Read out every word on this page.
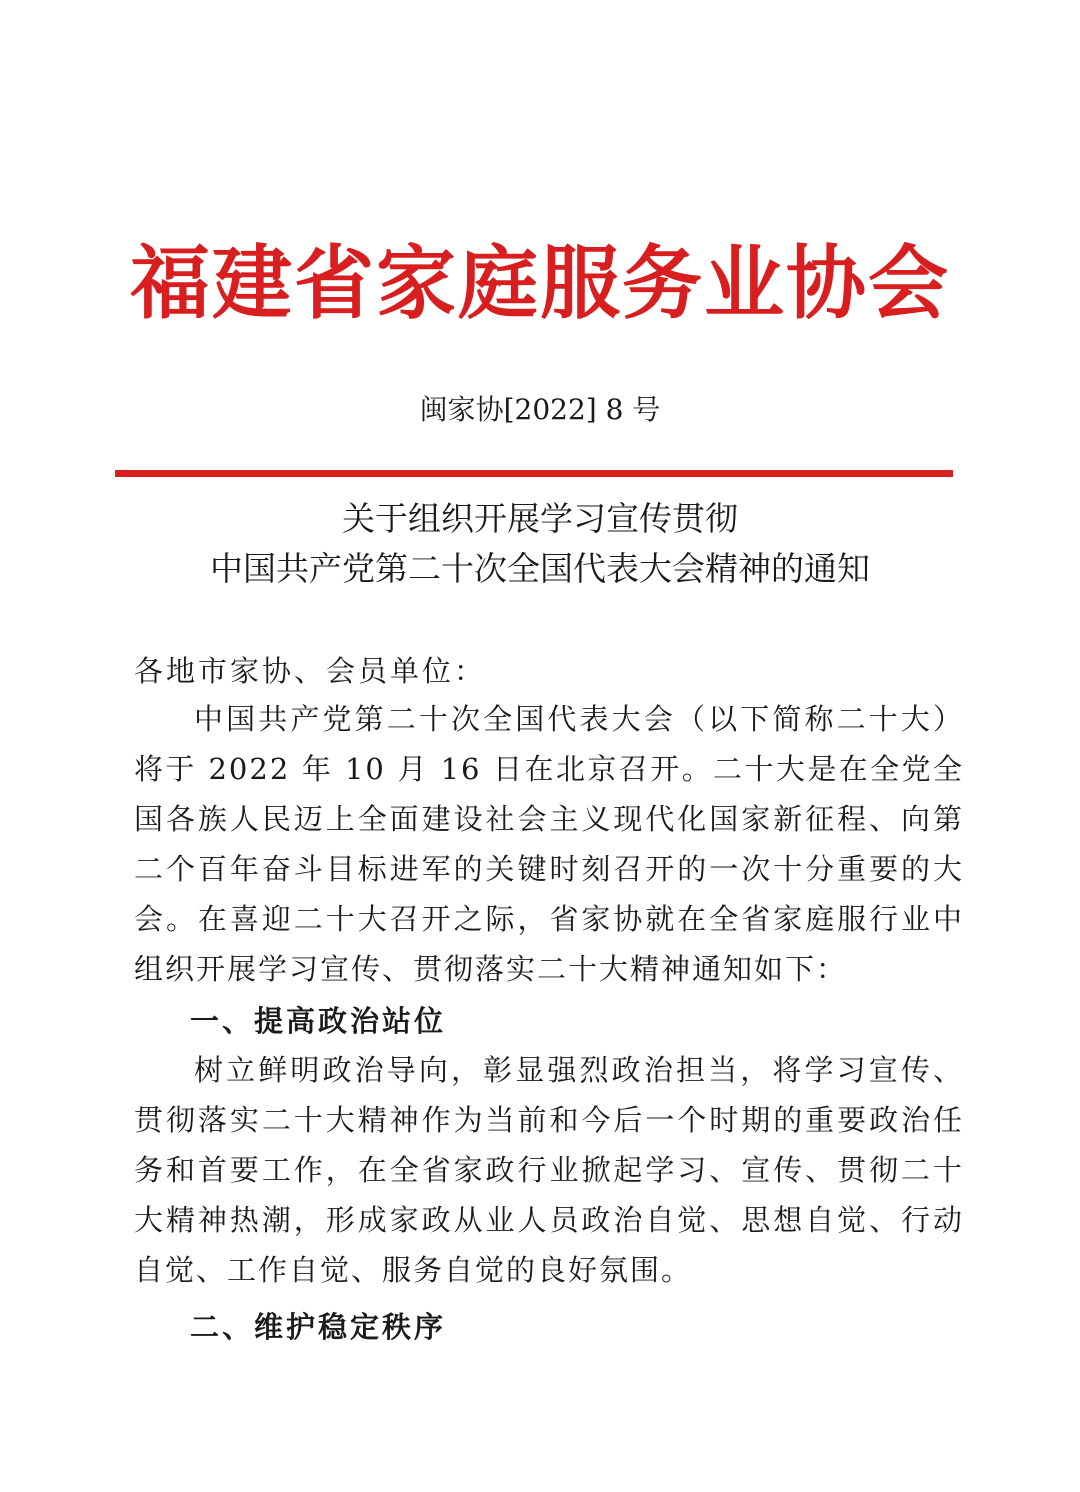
福建省家庭服务业协会
闽家协[2022] 8 号
关于组织开展学习宣传贯彻
中国共产党第二十次全国代表大会精神的通知
各地市家协、会员单位：

中国共产党第二十次全国代表大会（以下简称二十大）将于 2022 年 10 月 16 日在北京召开。二十大是在全党全国各族人民迈上全面建设社会主义现代化国家新征程、向第二个百年奋斗目标进军的关键时刻召开的一次十分重要的大会。在喜迎二十大召开之际，省家协就在全省家庭服行业中组织开展学习宣传、贯彻落实二十大精神通知如下：

一、提高政治站位

树立鲜明政治导向，彰显强烈政治担当，将学习宣传、贯彻落实二十大精神作为当前和今后一个时期的重要政治任务和首要工作，在全省家政行业掀起学习、宣传、贯彻二十大精神热潮，形成家政从业人员政治自觉、思想自觉、行动自觉、工作自觉、服务自觉的良好氛围。

二、维护稳定秩序
